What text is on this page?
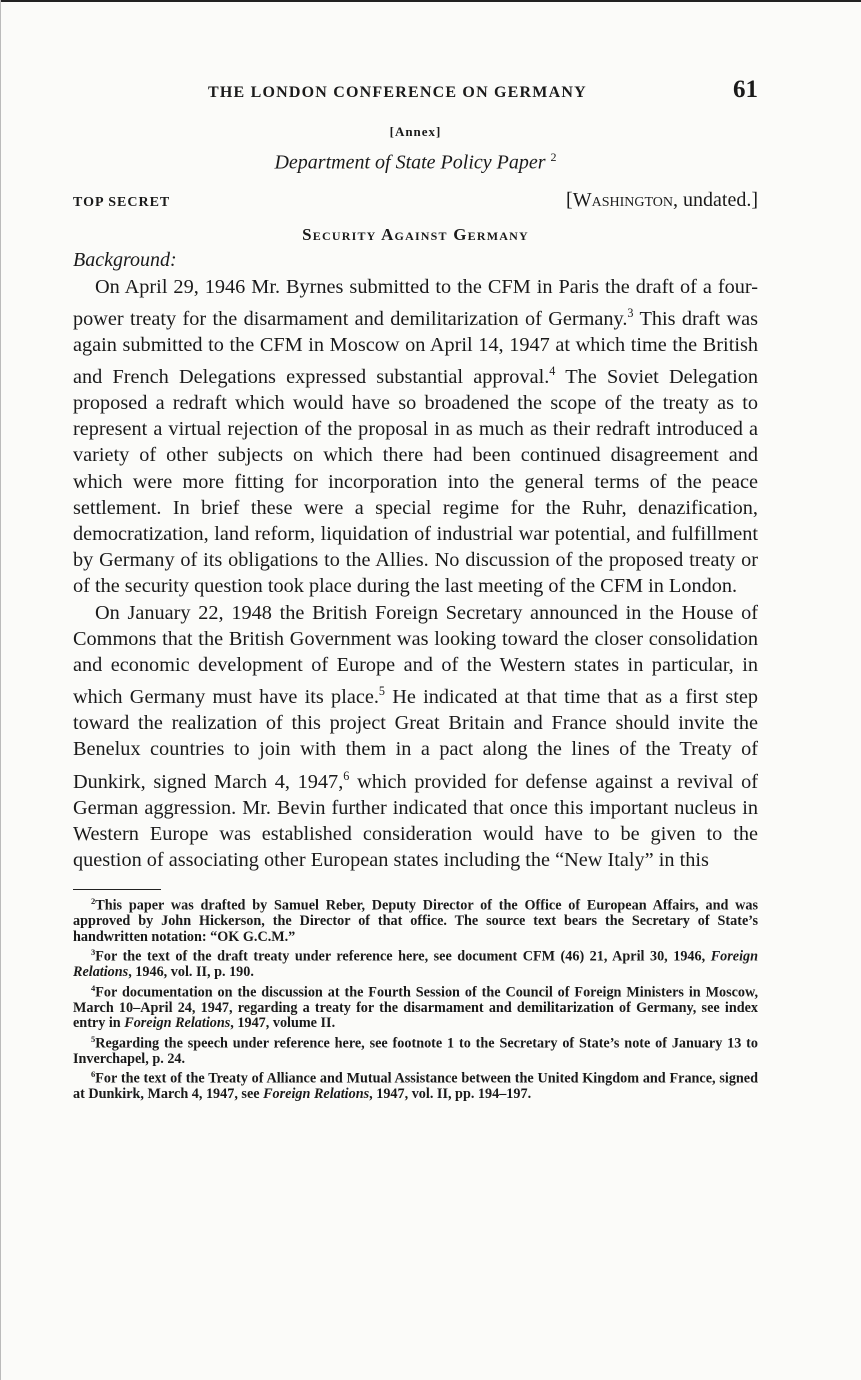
THE LONDON CONFERENCE ON GERMANY	61
[Annex]
Department of State Policy Paper $^2$
TOP SECRET	[Washington, undated.]
Security Against Germany
Background:

On April 29, 1946 Mr. Byrnes submitted to the CFM in Paris the draft of a four-power treaty for the disarmament and demilitarization of Germany.$^3$ This draft was again submitted to the CFM in Moscow on April 14, 1947 at which time the British and French Delegations expressed substantial approval.$^4$ The Soviet Delegation proposed a redraft which would have so broadened the scope of the treaty as to represent a virtual rejection of the proposal in as much as their redraft introduced a variety of other subjects on which there had been continued disagreement and which were more fitting for incorporation into the general terms of the peace settlement. In brief these were a special regime for the Ruhr, denazification, democratization, land reform, liquidation of industrial war potential, and fulfillment by Germany of its obligations to the Allies. No discussion of the proposed treaty or of the security question took place during the last meeting of the CFM in London.

On January 22, 1948 the British Foreign Secretary announced in the House of Commons that the British Government was looking toward the closer consolidation and economic development of Europe and of the Western states in particular, in which Germany must have its place.$^5$ He indicated at that time that as a first step toward the realization of this project Great Britain and France should invite the Benelux countries to join with them in a pact along the lines of the Treaty of Dunkirk, signed March 4, 1947,$^6$ which provided for defense against a revival of German aggression. Mr. Bevin further indicated that once this important nucleus in Western Europe was established consideration would have to be given to the question of associating other European states including the “New Italy” in this

$^2$This paper was drafted by Samuel Reber, Deputy Director of the Office of European Affairs, and was approved by John Hickerson, the Director of that office. The source text bears the Secretary of State’s handwritten notation: “OK G.C.M.”

$^3$For the text of the draft treaty under reference here, see document CFM (46) 21, April 30, 1946, Foreign Relations, 1946, vol. II, p. 190.

$^4$For documentation on the discussion at the Fourth Session of the Council of Foreign Ministers in Moscow, March 10–April 24, 1947, regarding a treaty for the disarmament and demilitarization of Germany, see index entry in Foreign Relations, 1947, volume II.

$^5$Regarding the speech under reference here, see footnote 1 to the Secretary of State’s note of January 13 to Inverchapel, p. 24.

$^6$For the text of the Treaty of Alliance and Mutual Assistance between the United Kingdom and France, signed at Dunkirk, March 4, 1947, see Foreign Relations, 1947, vol. II, pp. 194–197.
